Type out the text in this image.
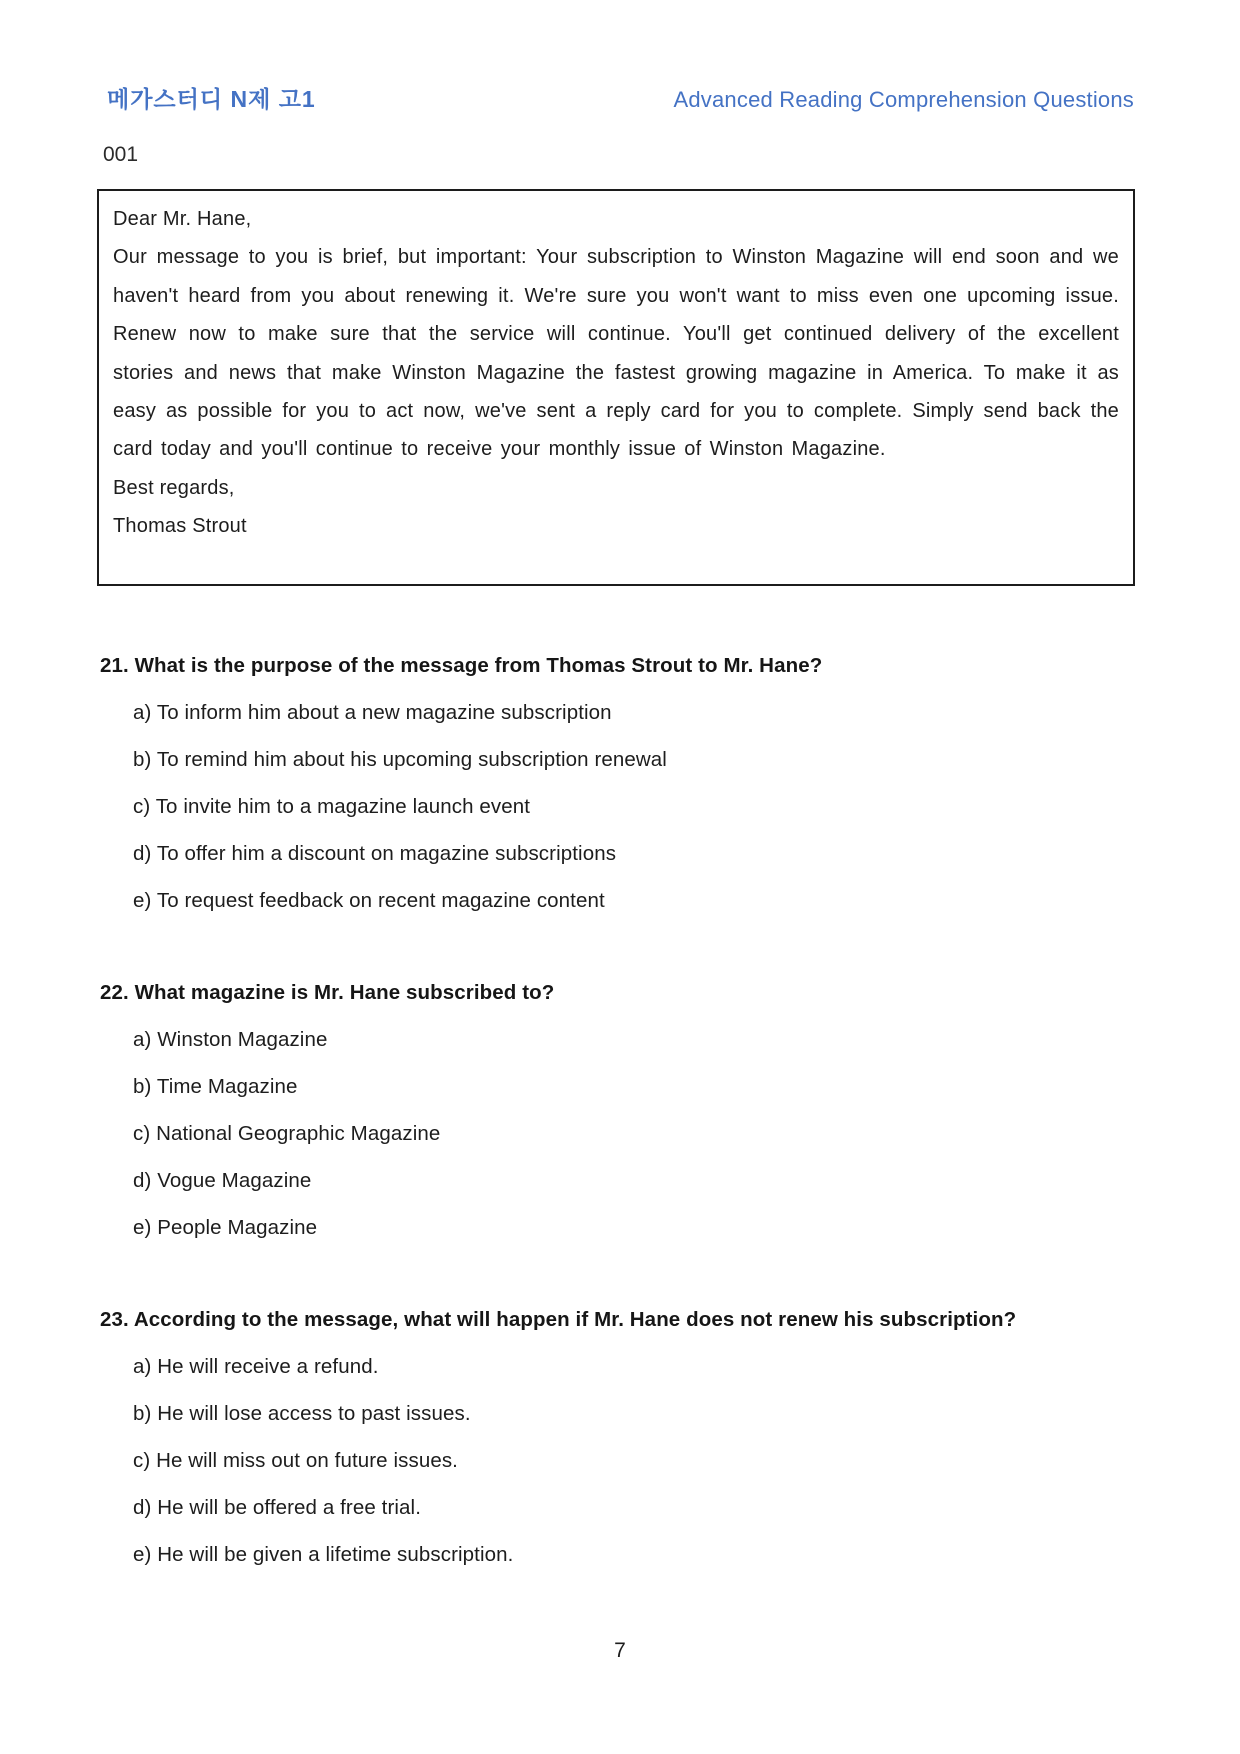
메가스터디 N제 고1	Advanced Reading Comprehension Questions
001
Dear Mr. Hane,
Our message to you is brief, but important: Your subscription to Winston Magazine will end soon and we haven't heard from you about renewing it. We're sure you won't want to miss even one upcoming issue. Renew now to make sure that the service will continue. You'll get continued delivery of the excellent stories and news that make Winston Magazine the fastest growing magazine in America. To make it as easy as possible for you to act now, we've sent a reply card for you to complete. Simply send back the card today and you'll continue to receive your monthly issue of Winston Magazine.
Best regards,
Thomas Strout
21. What is the purpose of the message from Thomas Strout to Mr. Hane?
a) To inform him about a new magazine subscription
b) To remind him about his upcoming subscription renewal
c) To invite him to a magazine launch event
d) To offer him a discount on magazine subscriptions
e) To request feedback on recent magazine content
22. What magazine is Mr. Hane subscribed to?
a) Winston Magazine
b) Time Magazine
c) National Geographic Magazine
d) Vogue Magazine
e) People Magazine
23. According to the message, what will happen if Mr. Hane does not renew his subscription?
a) He will receive a refund.
b) He will lose access to past issues.
c) He will miss out on future issues.
d) He will be offered a free trial.
e) He will be given a lifetime subscription.
7
